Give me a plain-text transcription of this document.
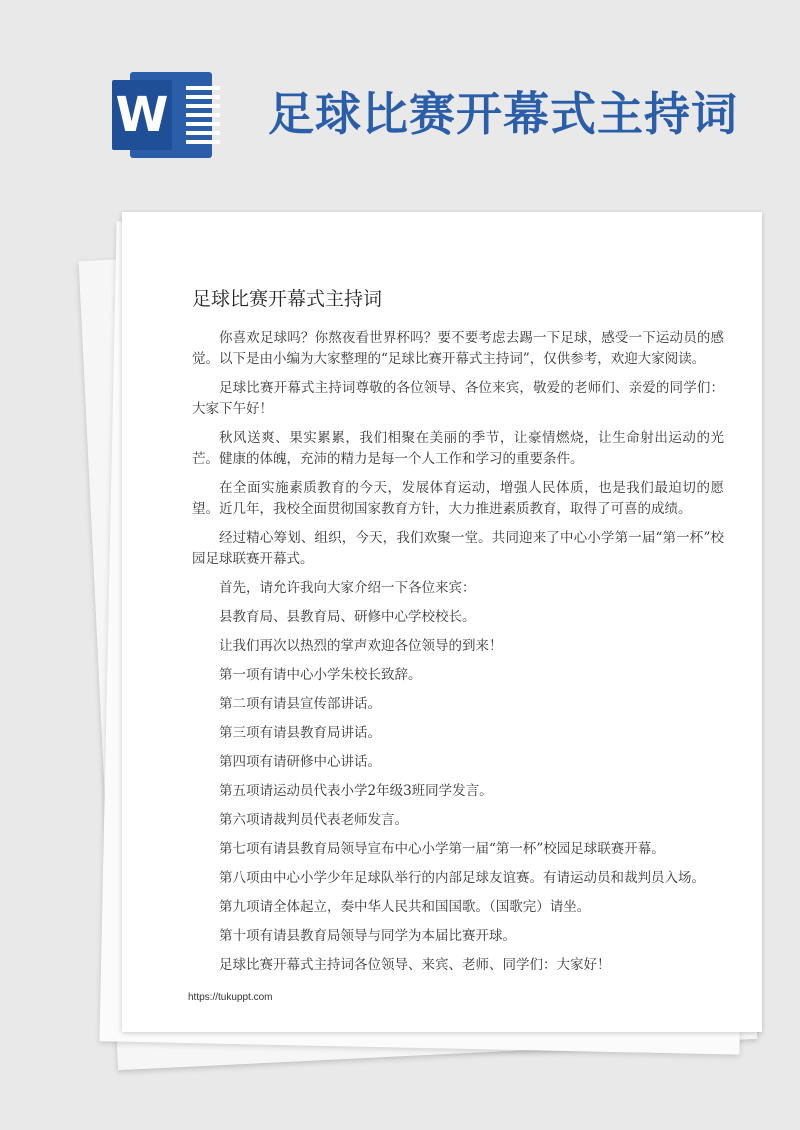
W 足球比赛开幕式主持词
足球比赛开幕式主持词

你喜欢足球吗？你熬夜看世界杯吗？要不要考虑去踢一下足球，感受一下运动员的感觉。以下是由小编为大家整理的“足球比赛开幕式主持词”，仅供参考，欢迎大家阅读。

足球比赛开幕式主持词尊敬的各位领导、各位来宾，敬爱的老师们、亲爱的同学们：大家下午好！

秋风送爽、果实累累，我们相聚在美丽的季节，让豪情燃烧，让生命射出运动的光芒。健康的体魄，充沛的精力是每一个人工作和学习的重要条件。

在全面实施素质教育的今天，发展体育运动，增强人民体质，也是我们最迫切的愿望。近几年，我校全面贯彻国家教育方针，大力推进素质教育，取得了可喜的成绩。

经过精心筹划、组织，今天，我们欢聚一堂。共同迎来了中心小学第一届“第一杯”校园足球联赛开幕式。

首先，请允许我向大家介绍一下各位来宾：

县教育局、县教育局、研修中心学校校长。

让我们再次以热烈的掌声欢迎各位领导的到来！

第一项有请中心小学朱校长致辞。

第二项有请县宣传部讲话。

第三项有请县教育局讲话。

第四项有请研修中心讲话。

第五项请运动员代表小学2年级3班同学发言。

第六项请裁判员代表老师发言。

第七项有请县教育局领导宣布中心小学第一届“第一杯”校园足球联赛开幕。

第八项由中心小学少年足球队举行的内部足球友谊赛。有请运动员和裁判员入场。

第九项请全体起立，奏中华人民共和国国歌。（国歌完）请坐。

第十项有请县教育局领导与同学为本届比赛开球。

足球比赛开幕式主持词各位领导、来宾、老师、同学们：大家好！

https://tukuppt.com
